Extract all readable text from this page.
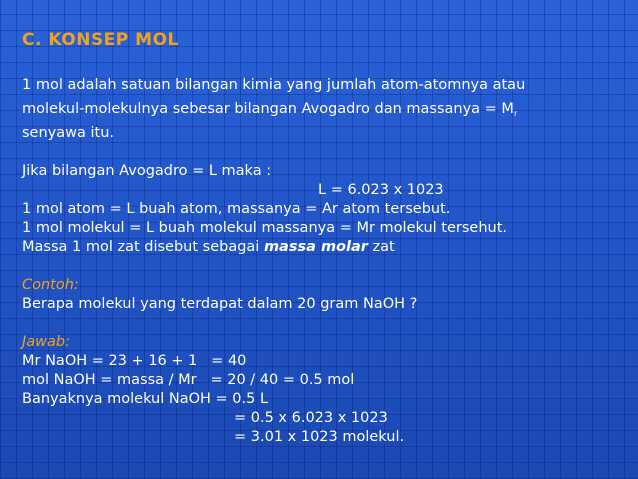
C. KONSEP MOL
1 mol adalah satuan bilangan kimia yang jumlah atom-atomnya atau
molekul-molekulnya sebesar bilangan Avogadro dan massanya = $M_r$
senyawa itu.
Jika bilangan Avogadro = L maka :
L = 6.023 x 1023
1 mol atom = L buah atom, massanya = Ar atom tersebut.
1 mol molekul = L buah molekul massanya = Mr molekul tersehut.
Massa 1 mol zat disebut sebagai massa molar zat
Contoh:
Berapa molekul yang terdapat dalam 20 gram NaOH ?
Jawab:
Mr NaOH = 23 + 16 + 1   = 40
mol NaOH = massa / Mr   = 20 / 40 = 0.5 mol
Banyaknya molekul NaOH = 0.5 L
= 0.5 x 6.023 x 1023
= 3.01 x 1023 molekul.
